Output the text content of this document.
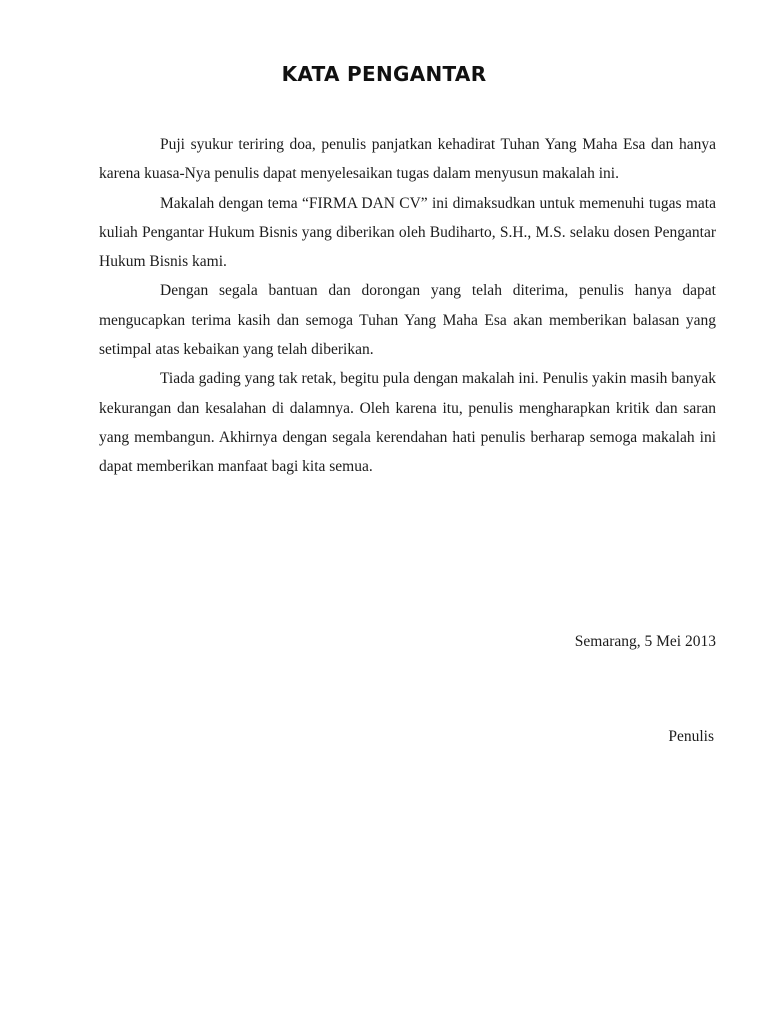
KATA PENGANTAR

Puji syukur teriring doa, penulis panjatkan kehadirat Tuhan Yang Maha Esa dan hanya karena kuasa-Nya penulis dapat menyelesaikan tugas dalam menyusun makalah ini.

Makalah dengan tema “FIRMA DAN CV” ini dimaksudkan untuk memenuhi tugas mata kuliah Pengantar Hukum Bisnis yang diberikan oleh Budiharto, S.H., M.S. selaku dosen Pengantar Hukum Bisnis kami.

Dengan segala bantuan dan dorongan yang telah diterima, penulis hanya dapat mengucapkan terima kasih dan semoga Tuhan Yang Maha Esa akan memberikan balasan yang setimpal atas kebaikan yang telah diberikan.

Tiada gading yang tak retak, begitu pula dengan makalah ini. Penulis yakin masih banyak kekurangan dan kesalahan di dalamnya. Oleh karena itu, penulis mengharapkan kritik dan saran yang membangun. Akhirnya dengan segala kerendahan hati penulis berharap semoga makalah ini dapat memberikan manfaat bagi kita semua.

Semarang, 5 Mei 2013
Penulis
